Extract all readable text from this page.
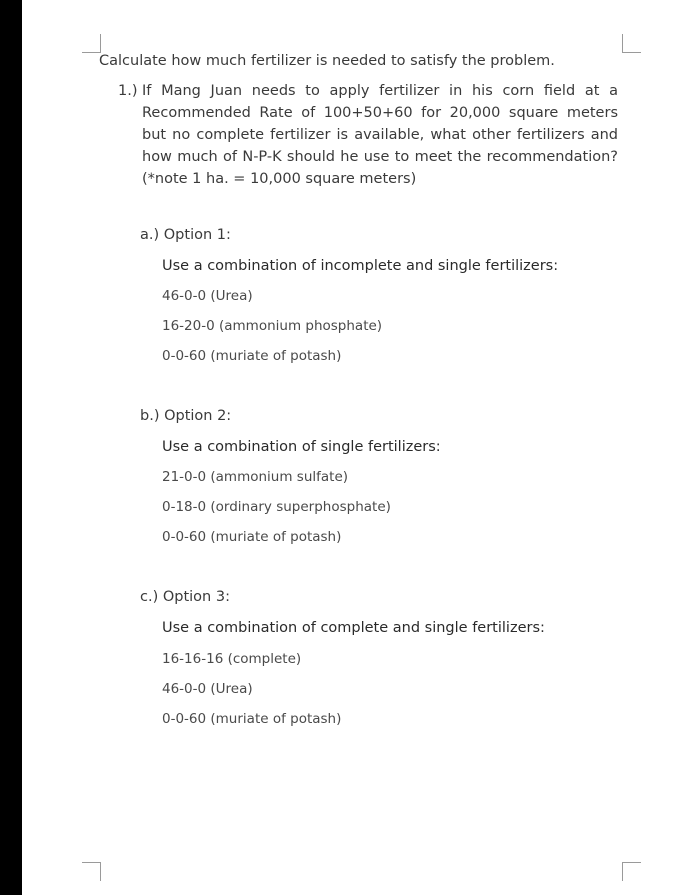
Calculate how much fertilizer is needed to satisfy the problem.
1.) If Mang Juan needs to apply fertilizer in his corn field at a Recommended Rate of 100+50+60 for 20,000 square meters but no complete fertilizer is available, what other fertilizers and how much of N-P-K should he use to meet the recommendation? (*note 1 ha. = 10,000 square meters)
a.) Option 1:
Use a combination of incomplete and single fertilizers:
46-0-0 (Urea)
16-20-0 (ammonium phosphate)
0-0-60 (muriate of potash)
b.) Option 2:
Use a combination of single fertilizers:
21-0-0 (ammonium sulfate)
0-18-0 (ordinary superphosphate)
0-0-60 (muriate of potash)
c.) Option 3:
Use a combination of complete and single fertilizers:
16-16-16 (complete)
46-0-0 (Urea)
0-0-60 (muriate of potash)
